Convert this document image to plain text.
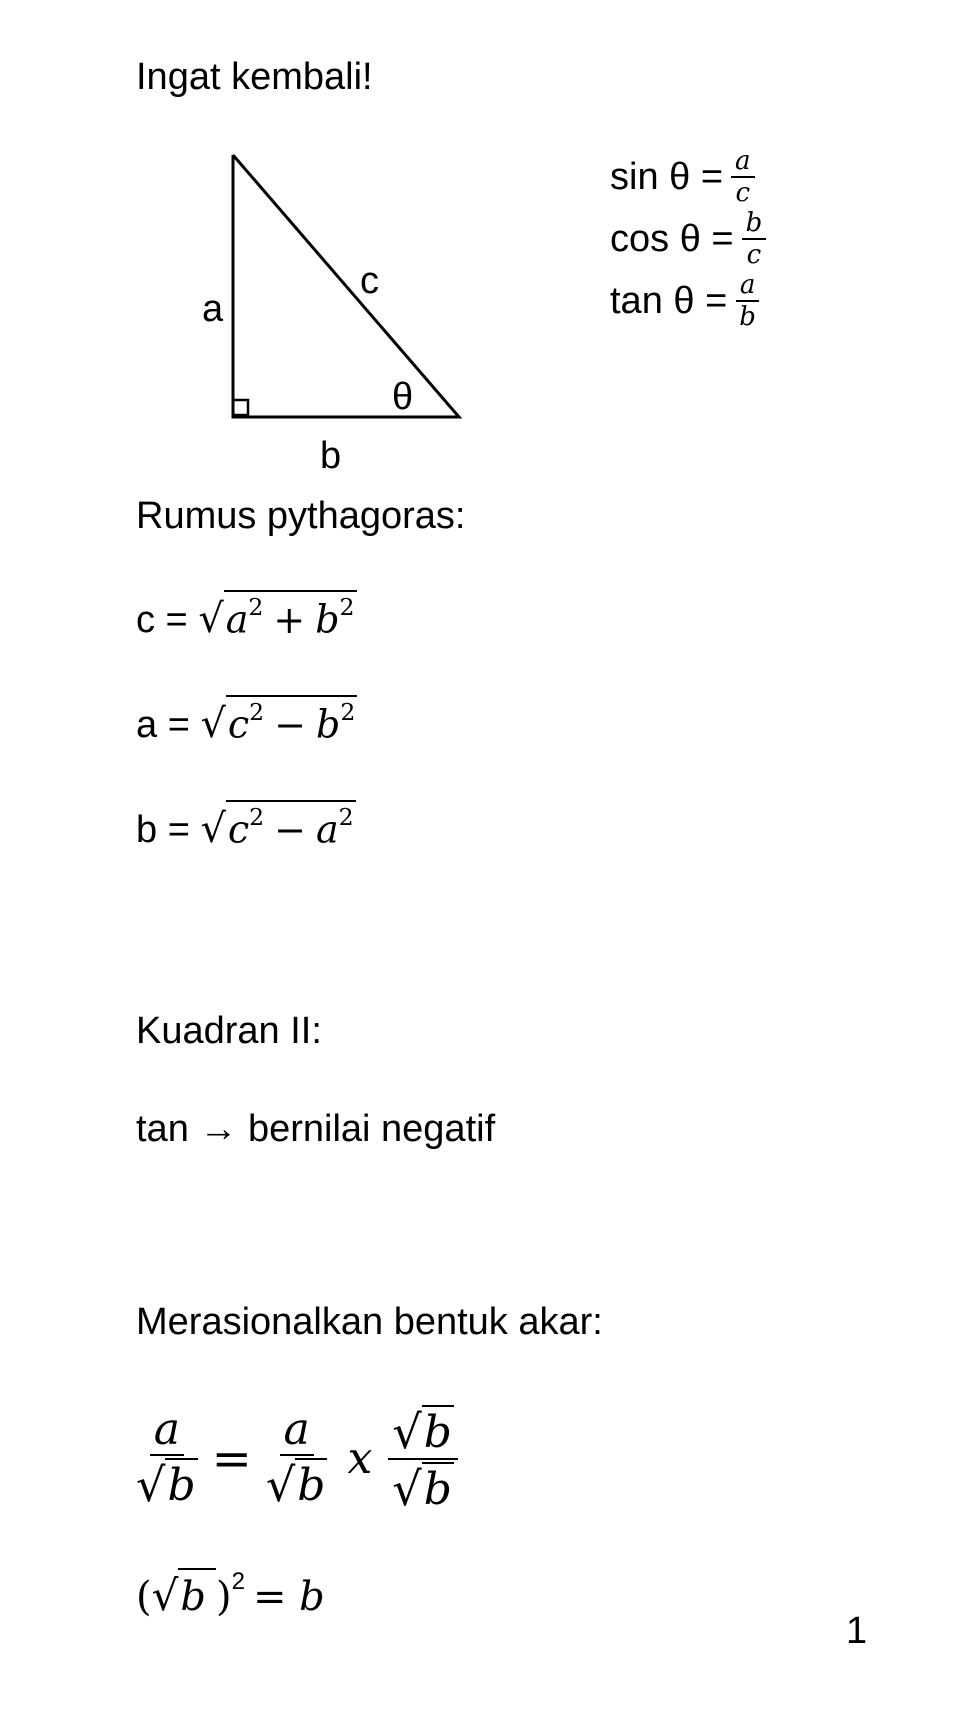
Ingat kembali!
a
c
b
θ
$\sin \theta = \frac{a}{c}$
$\cos \theta = \frac{b}{c}$
$\tan \theta = \frac{a}{b}$
Rumus pythagoras:
c = √ $a^2 + b^2$
a = √ $c^2 - b^2$
b = √ $c^2 - a^2$
Kuadran II:
tan → bernilai negatif
Merasionalkan bentuk akar:
$\frac{a}{√ b} = \frac{a}{√ b}$ x $\frac{√ b}{√ b}$
( √ b ) 2 = b
1
